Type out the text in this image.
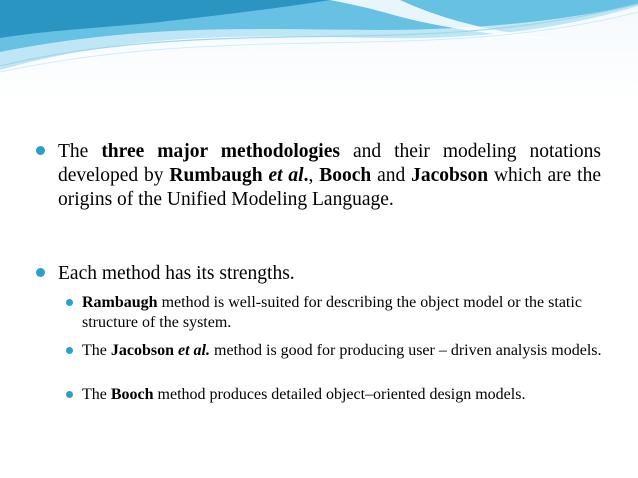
The three major methodologies and their modeling notations developed by Rumbaugh et al., Booch and Jacobson which are the origins of the Unified Modeling Language.
Each method has its strengths.
Rambaugh method is well-suited for describing the object model or the static structure of the system.
The Jacobson et al. method is good for producing user – driven analysis models.
The Booch method produces detailed object–oriented design models.
